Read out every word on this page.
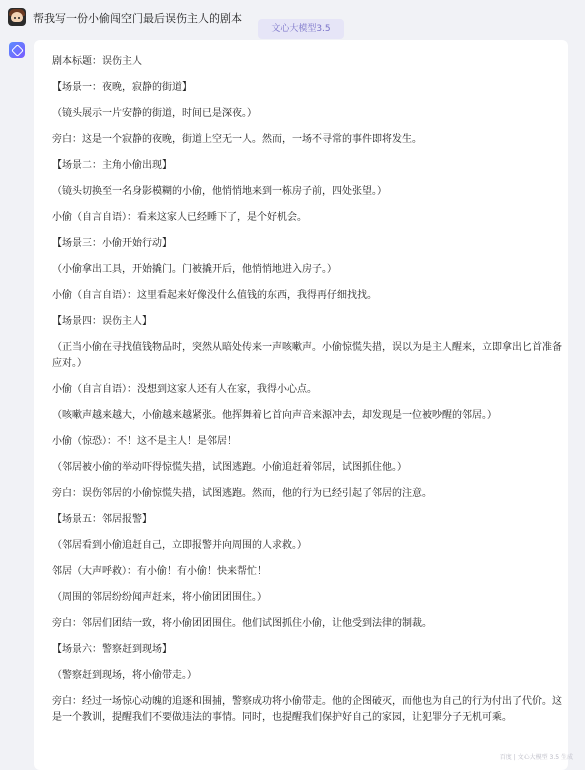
帮我写一份小偷闯空门最后误伤主人的剧本
文心大模型3.5
剧本标题：误伤主人
【场景一：夜晚，寂静的街道】
（镜头展示一片安静的街道，时间已是深夜。）
旁白：这是一个寂静的夜晚，街道上空无一人。然而，一场不寻常的事件即将发生。
【场景二：主角小偷出现】
（镜头切换至一名身影模糊的小偷，他悄悄地来到一栋房子前，四处张望。）
小偷（自言自语）：看来这家人已经睡下了，是个好机会。
【场景三：小偷开始行动】
（小偷拿出工具，开始撬门。门被撬开后，他悄悄地进入房子。）
小偷（自言自语）：这里看起来好像没什么值钱的东西，我得再仔细找找。
【场景四：误伤主人】
（正当小偷在寻找值钱物品时，突然从暗处传来一声咳嗽声。小偷惊慌失措，误以为是主人醒来，立即拿出匕首准备应对。）
小偷（自言自语）：没想到这家人还有人在家，我得小心点。
（咳嗽声越来越大，小偷越来越紧张。他挥舞着匕首向声音来源冲去，却发现是一位被吵醒的邻居。）
小偷（惊恐）：不！这不是主人！是邻居！
（邻居被小偷的举动吓得惊慌失措，试图逃跑。小偷追赶着邻居，试图抓住他。）
旁白：误伤邻居的小偷惊慌失措，试图逃跑。然而，他的行为已经引起了邻居的注意。
【场景五：邻居报警】
（邻居看到小偷追赶自己，立即报警并向周围的人求救。）
邻居（大声呼救）：有小偷！有小偷！快来帮忙！
（周围的邻居纷纷闻声赶来，将小偷团团围住。）
旁白：邻居们团结一致，将小偷团团围住。他们试图抓住小偷，让他受到法律的制裁。
【场景六：警察赶到现场】
（警察赶到现场，将小偷带走。）
旁白：经过一场惊心动魄的追逐和围捕，警察成功将小偷带走。他的企图破灭，而他也为自己的行为付出了代价。这是一个教训，提醒我们不要做违法的事情。同时，也提醒我们保护好自己的家园，让犯罪分子无机可乘。
百度 | 文心大模型 3.5 生成
